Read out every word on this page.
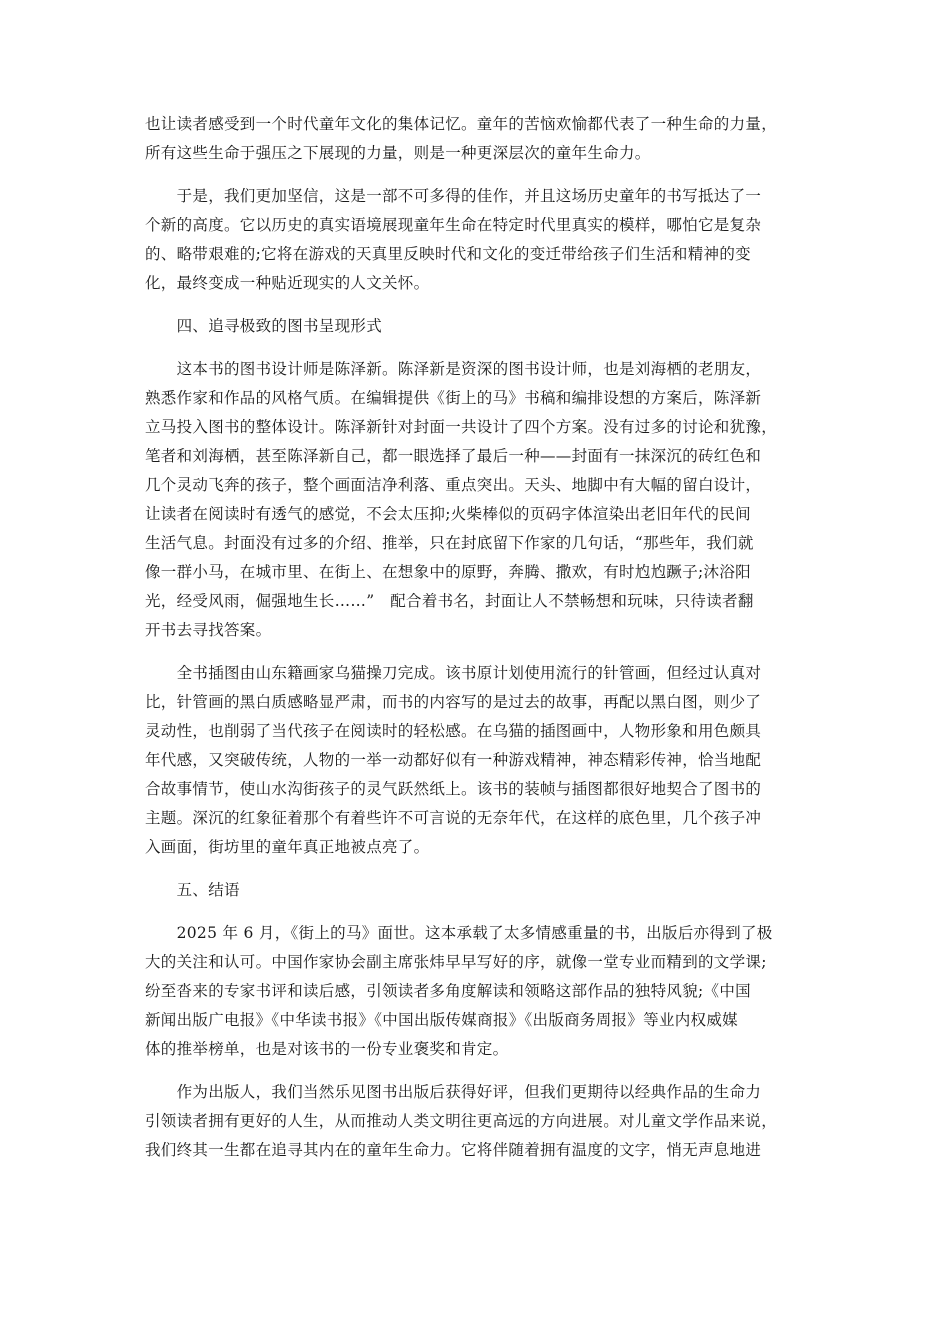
也让读者感受到一个时代童年文化的集体记忆。童年的苦恼欢愉都代表了一种生命的力量，
所有这些生命于强压之下展现的力量，则是一种更深层次的童年生命力。
　　于是，我们更加坚信，这是一部不可多得的佳作，并且这场历史童年的书写抵达了一
个新的高度。它以历史的真实语境展现童年生命在特定时代里真实的模样，哪怕它是复杂
的、略带艰难的;它将在游戏的天真里反映时代和文化的变迁带给孩子们生活和精神的变
化，最终变成一种贴近现实的人文关怀。
　　四、追寻极致的图书呈现形式
　　这本书的图书设计师是陈泽新。陈泽新是资深的图书设计师，也是刘海栖的老朋友，
熟悉作家和作品的风格气质。在编辑提供《街上的马》书稿和编排设想的方案后，陈泽新
立马投入图书的整体设计。陈泽新针对封面一共设计了四个方案。没有过多的讨论和犹豫，
笔者和刘海栖，甚至陈泽新自己，都一眼选择了最后一种——封面有一抹深沉的砖红色和
几个灵动飞奔的孩子，整个画面洁净利落、重点突出。天头、地脚中有大幅的留白设计，
让读者在阅读时有透气的感觉，不会太压抑;火柴棒似的页码字体渲染出老旧年代的民间
生活气息。封面没有过多的介绍、推举，只在封底留下作家的几句话，“那些年，我们就
像一群小马，在城市里、在街上、在想象中的原野，奔腾、撒欢，有时尥尥蹶子;沐浴阳
光，经受风雨，倔强地生长……”　配合着书名，封面让人不禁畅想和玩味，只待读者翻
开书去寻找答案。
　　全书插图由山东籍画家乌猫操刀完成。该书原计划使用流行的针管画，但经过认真对
比，针管画的黑白质感略显严肃，而书的内容写的是过去的故事，再配以黑白图，则少了
灵动性，也削弱了当代孩子在阅读时的轻松感。在乌猫的插图画中，人物形象和用色颇具
年代感，又突破传统，人物的一举一动都好似有一种游戏精神，神态精彩传神，恰当地配
合故事情节，使山水沟街孩子的灵气跃然纸上。该书的装帧与插图都很好地契合了图书的
主题。深沉的红象征着那个有着些许不可言说的无奈年代，在这样的底色里，几个孩子冲
入画面，街坊里的童年真正地被点亮了。
　　五、结语
　　2025 年 6 月，《街上的马》面世。这本承载了太多情感重量的书，出版后亦得到了极
大的关注和认可。中国作家协会副主席张炜早早写好的序，就像一堂专业而精到的文学课;
纷至沓来的专家书评和读后感，引领读者多角度解读和领略这部作品的独特风貌;《中国
新闻出版广电报》《中华读书报》《中国出版传媒商报》《出版商务周报》等业内权威媒
体的推举榜单，也是对该书的一份专业褒奖和肯定。
　　作为出版人，我们当然乐见图书出版后获得好评，但我们更期待以经典作品的生命力
引领读者拥有更好的人生，从而推动人类文明往更高远的方向进展。对儿童文学作品来说，
我们终其一生都在追寻其内在的童年生命力。它将伴随着拥有温度的文字，悄无声息地进
